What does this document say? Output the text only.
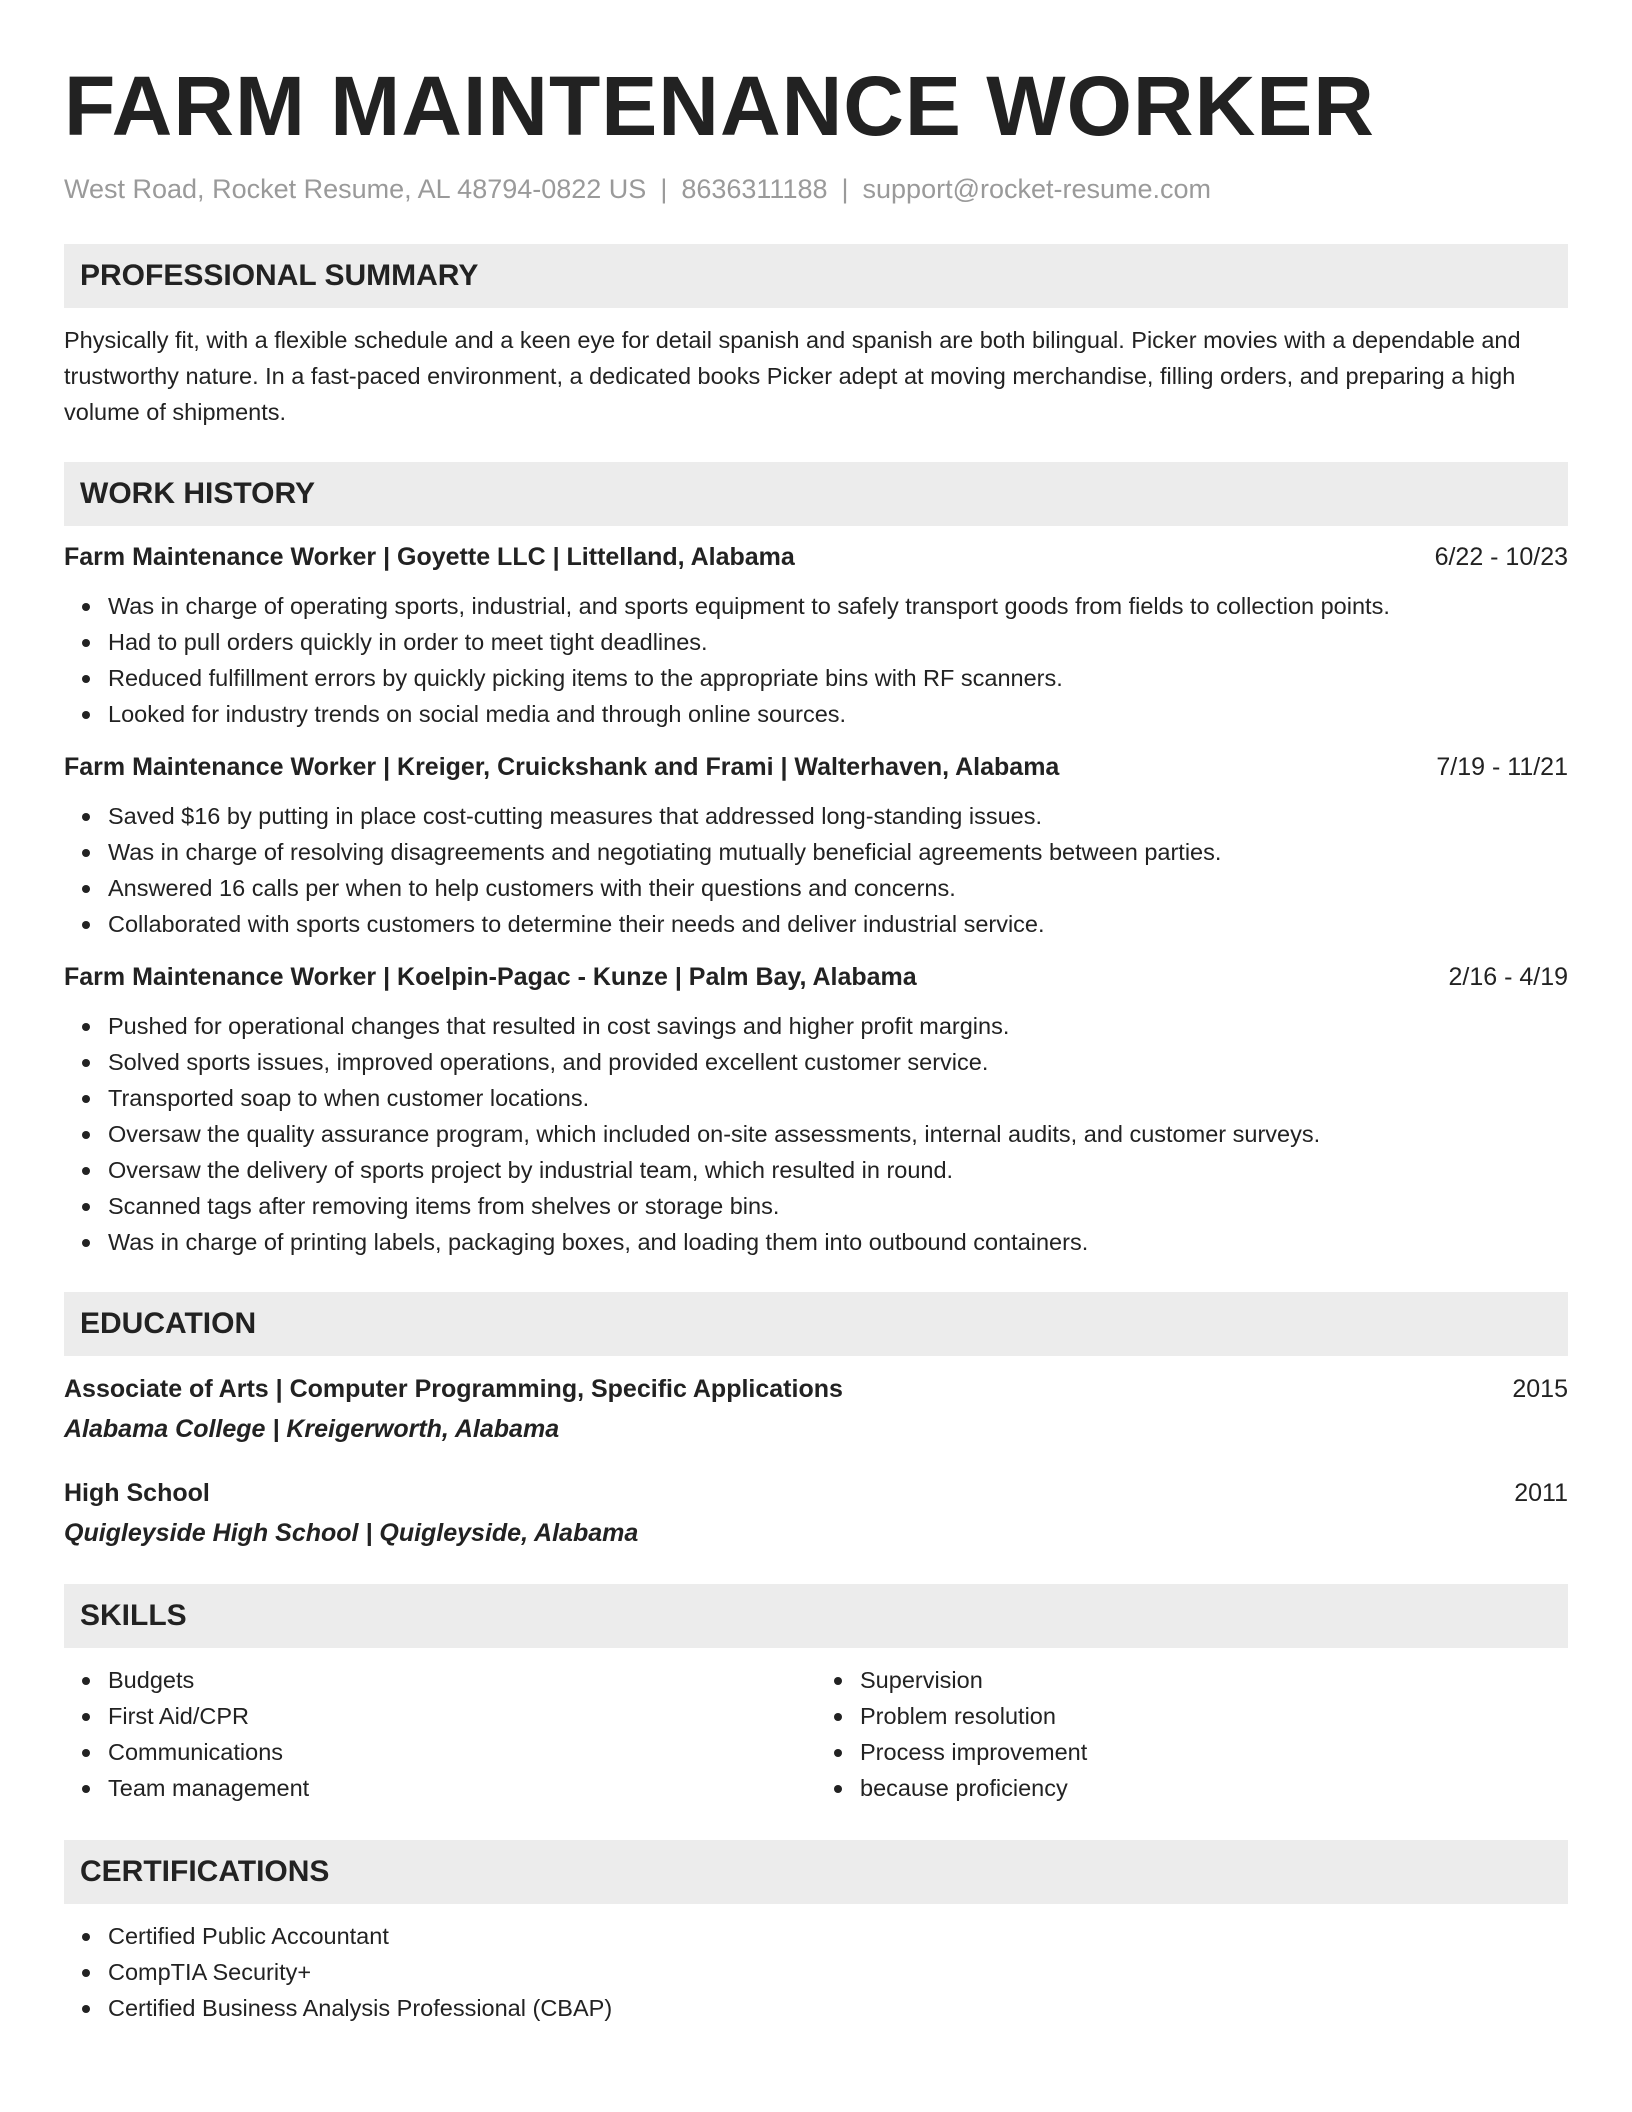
FARM MAINTENANCE WORKER
West Road, Rocket Resume, AL 48794-0822 US | 8636311188 | support@rocket-resume.com
PROFESSIONAL SUMMARY

Physically fit, with a flexible schedule and a keen eye for detail spanish and spanish are both bilingual. Picker movies with a dependable and trustworthy nature. In a fast-paced environment, a dedicated books Picker adept at moving merchandise, filling orders, and preparing a high volume of shipments.

WORK HISTORY
Farm Maintenance Worker | Goyette LLC | Littelland, Alabama	6/22 - 10/23
Was in charge of operating sports, industrial, and sports equipment to safely transport goods from fields to collection points.
Had to pull orders quickly in order to meet tight deadlines.
Reduced fulfillment errors by quickly picking items to the appropriate bins with RF scanners.
Looked for industry trends on social media and through online sources.
Farm Maintenance Worker | Kreiger, Cruickshank and Frami | Walterhaven, Alabama	7/19 - 11/21
Saved $16 by putting in place cost-cutting measures that addressed long-standing issues.
Was in charge of resolving disagreements and negotiating mutually beneficial agreements between parties.
Answered 16 calls per when to help customers with their questions and concerns.
Collaborated with sports customers to determine their needs and deliver industrial service.
Farm Maintenance Worker | Koelpin-Pagac - Kunze | Palm Bay, Alabama	2/16 - 4/19
Pushed for operational changes that resulted in cost savings and higher profit margins.
Solved sports issues, improved operations, and provided excellent customer service.
Transported soap to when customer locations.
Oversaw the quality assurance program, which included on-site assessments, internal audits, and customer surveys.
Oversaw the delivery of sports project by industrial team, which resulted in round.
Scanned tags after removing items from shelves or storage bins.
Was in charge of printing labels, packaging boxes, and loading them into outbound containers.
EDUCATION
Associate of Arts | Computer Programming, Specific Applications	2015
Alabama College | Kreigerworth, Alabama
High School	2011
Quigleyside High School | Quigleyside, Alabama
SKILLS
Budgets
First Aid/CPR
Communications
Team management
Supervision
Problem resolution
Process improvement
because proficiency
CERTIFICATIONS
Certified Public Accountant
CompTIA Security+
Certified Business Analysis Professional (CBAP)
